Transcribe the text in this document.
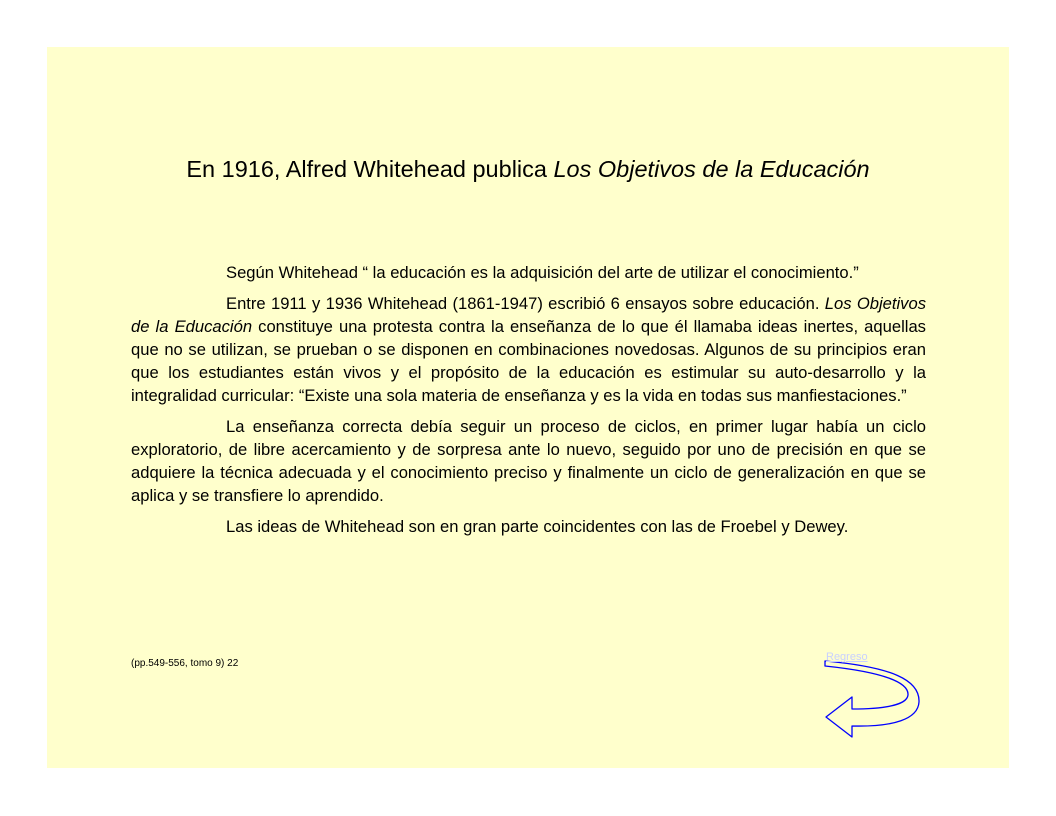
En 1916, Alfred Whitehead publica Los Objetivos de la Educación

Según Whitehead “ la educación es la adquisición del arte de utilizar el conocimiento.”

Entre 1911 y 1936 Whitehead (1861-1947) escribió 6 ensayos sobre educación. Los Objetivos de la Educación constituye una protesta contra la enseñanza de lo que él llamaba ideas inertes, aquellas que no se utilizan, se prueban o se disponen en combinaciones novedosas. Algunos de su principios eran que los estudiantes están vivos y el propósito de la educación es estimular su auto-desarrollo y la integralidad curricular: “Existe una sola materia de enseñanza y es la vida en todas sus manfiestaciones.”

La enseñanza correcta debía seguir un proceso de ciclos, en primer lugar había un ciclo exploratorio, de libre acercamiento y de sorpresa ante lo nuevo, seguido por uno de precisión en que se adquiere la técnica adecuada y el conocimiento preciso y finalmente un ciclo de generalización en que se aplica y se transfiere lo aprendido.

Las ideas de Whitehead son en gran parte coincidentes con las de Froebel y Dewey.

(pp.549-556, tomo 9) 22
Regreso
